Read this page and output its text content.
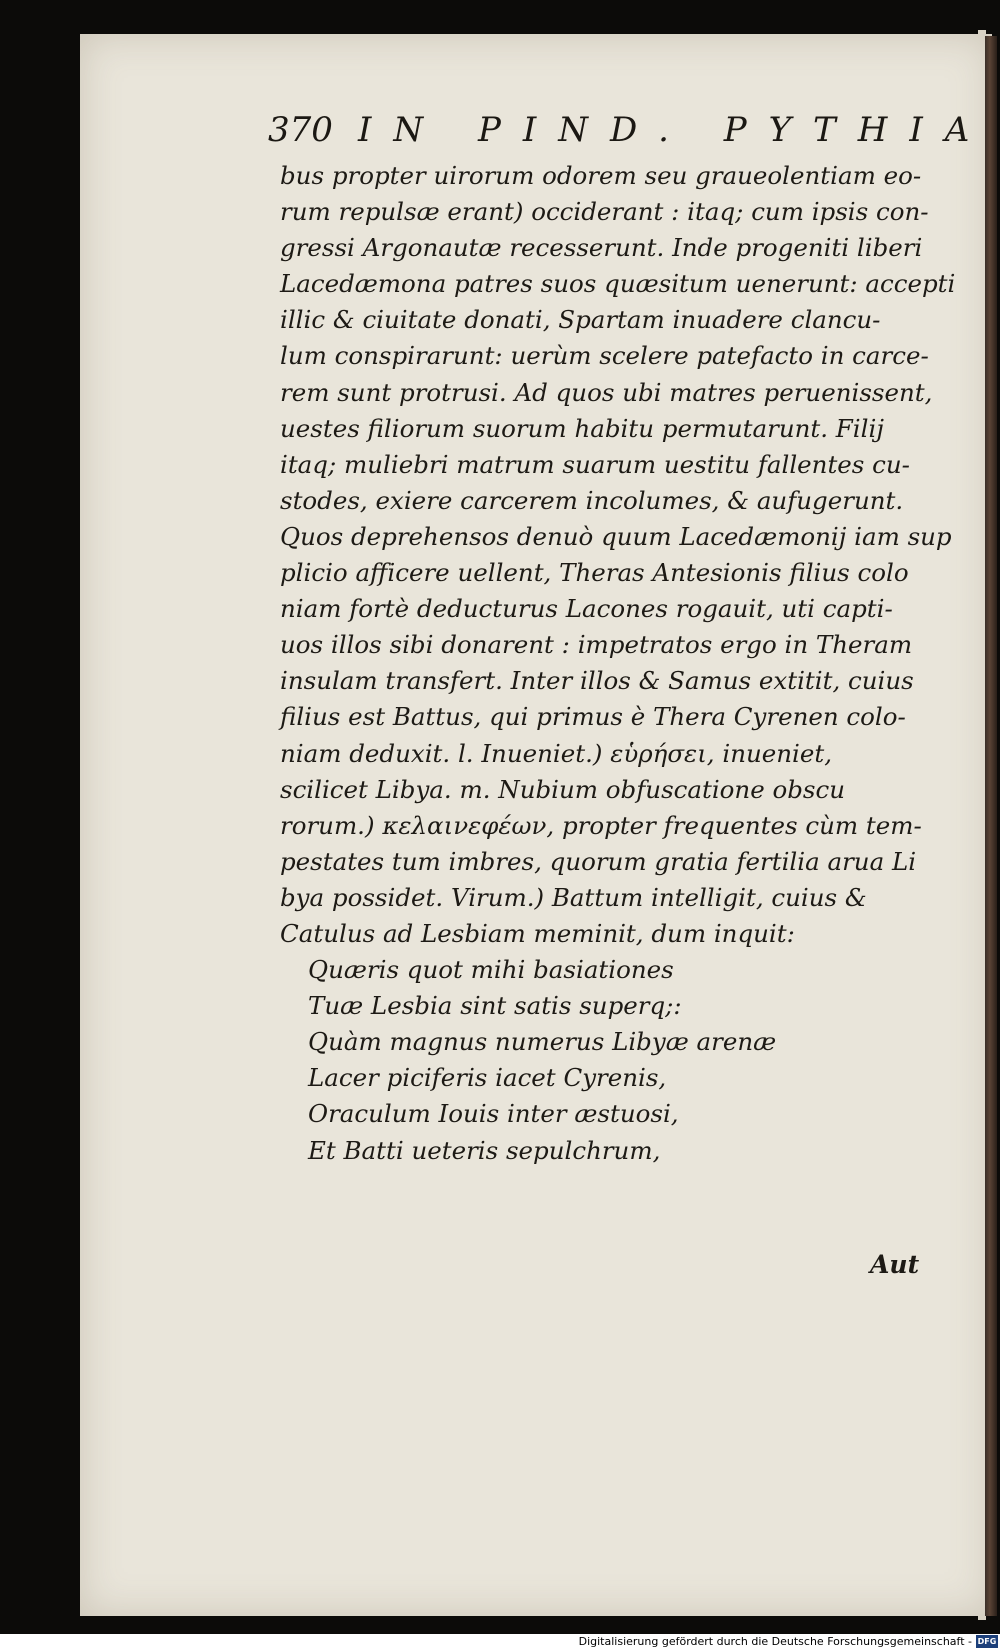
370 IN PIND. PYTHIA
bus propter uirorum odorem seu graueolentiam eo-
rum repulsæ erant) occiderant : itaq; cum ipsis con-
gressi Argonautæ recesserunt. Inde progeniti liberi
Lacedæmona patres suos quæsitum uenerunt: accepti
illic & ciuitate donati, Spartam inuadere clancu-
lum conspirarunt: uerùm scelere patefacto in carce-
rem sunt protrusi. Ad quos ubi matres peruenissent,
uestes filiorum suorum habitu permutarunt. Filij
itaq; muliebri matrum suarum uestitu fallentes cu-
stodes, exiere carcerem incolumes, & aufugerunt.
Quos deprehensos denuò quum Lacedæmonij iam sup
plicio afficere uellent, Theras Antesionis filius colo
niam fortè deducturus Lacones rogauit, uti capti-
uos illos sibi donarent : impetratos ergo in Theram
insulam transfert. Inter illos & Samus extitit, cuius
filius est Battus, qui primus è Thera Cyrenen colo-
niam deduxit. l. Inueniet.) εὑρήσει, inueniet,
scilicet Libya. m. Nubium obfuscatione obscu
rorum.) κελαινεφέων, propter frequentes cùm tem-
pestates tum imbres, quorum gratia fertilia arua Li
bya possidet. Virum.) Battum intelligit, cuius &
Catulus ad Lesbiam meminit, dum inquit:
Quæris quot mihi basiationes
Tuæ Lesbia sint satis superq;:
Quàm magnus numerus Libyæ arenæ
Lacer piciferis iacet Cyrenis,
Oraculum Iouis inter æstuosi,
Et Batti ueteris sepulchrum,
Aut
Digitalisierung gefördert durch die Deutsche Forschungsgemeinschaft - DFG
